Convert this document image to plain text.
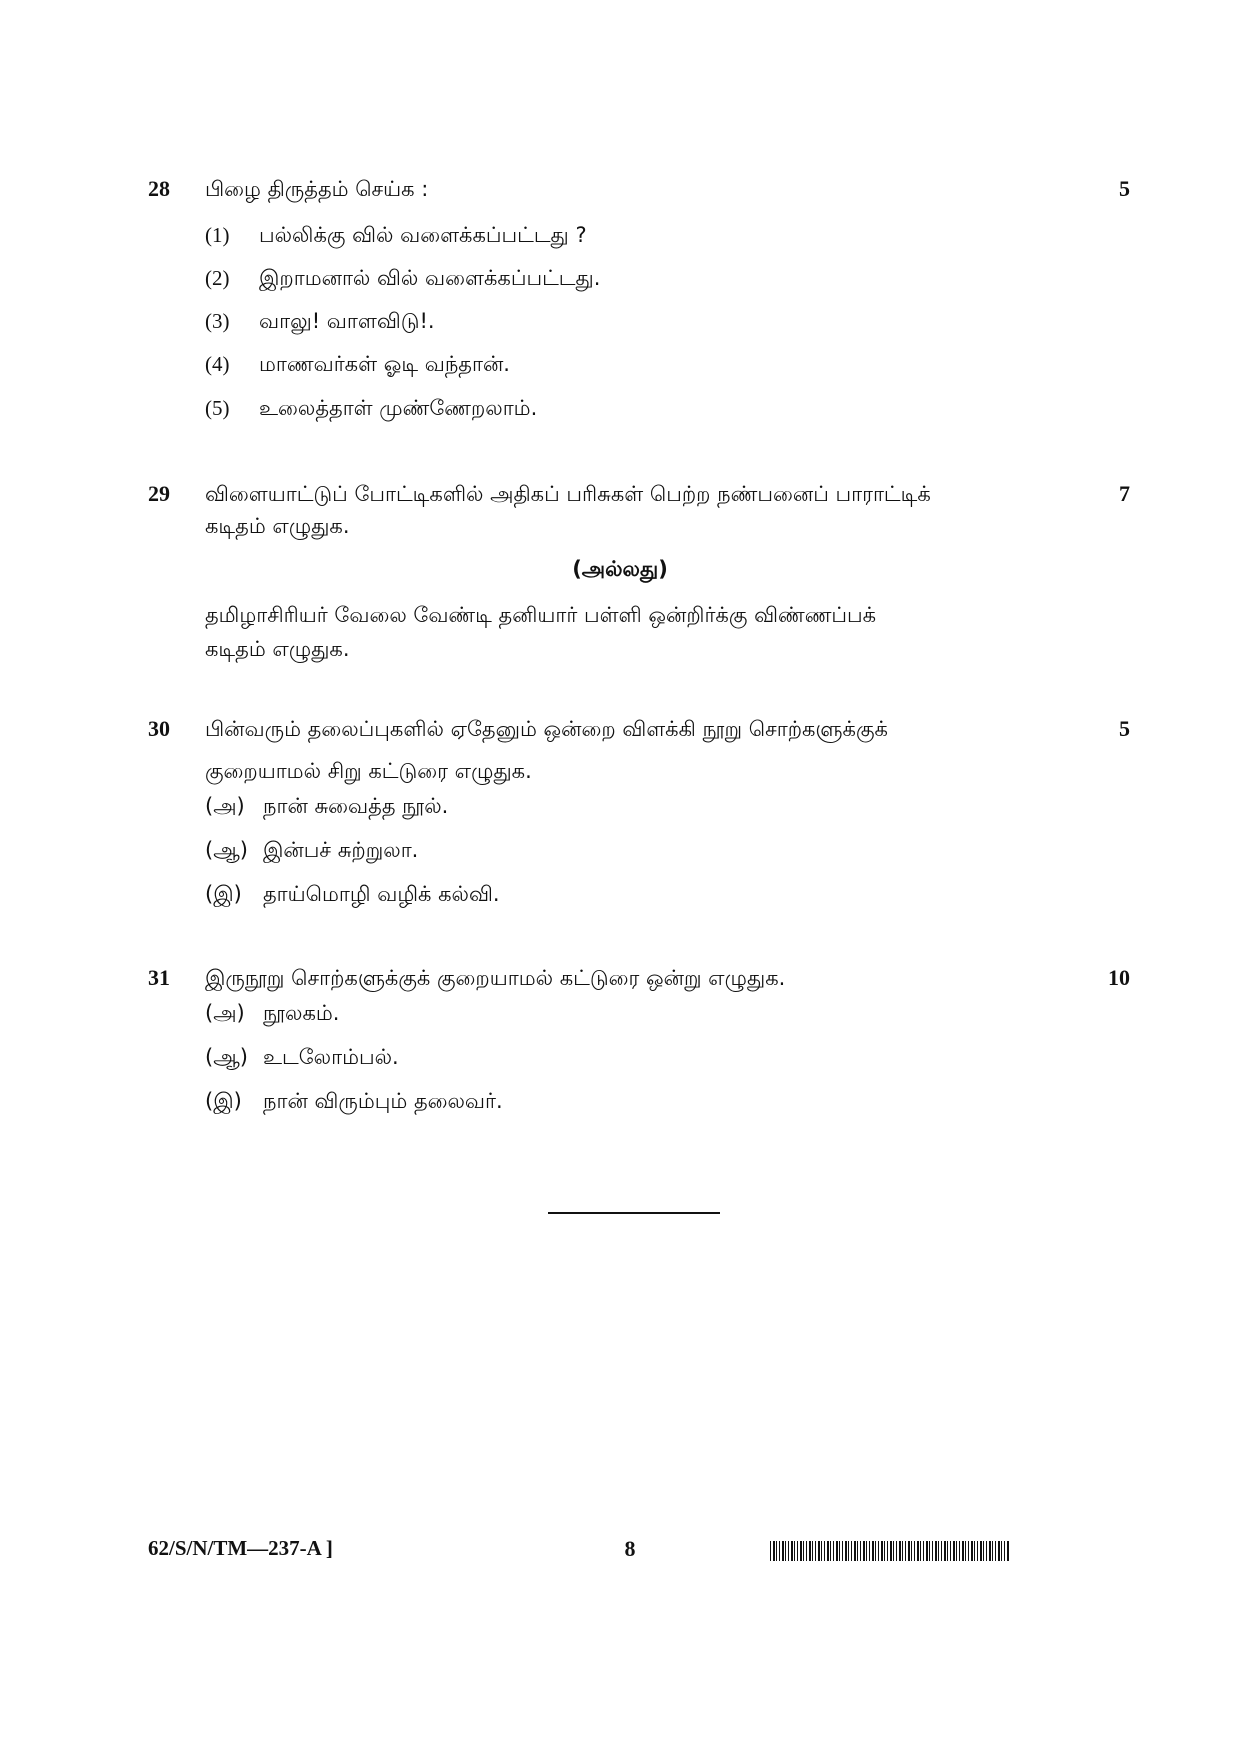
28	பிழை திருத்தம் செய்க :	5
(1) பல்லிக்கு வில் வளைக்கப்பட்டது ?
(2) இறாமனால் வில் வளைக்கப்பட்டது.
(3) வாலு! வாளவிடு!.
(4) மாணவர்கள் ஓடி வந்தான்.
(5) உலைத்தாள் முண்ணேறலாம்.
29	விளையாட்டுப் போட்டிகளில் அதிகப் பரிசுகள் பெற்ற நண்பனைப் பாராட்டிக்
கடிதம் எழுதுக.
7
(அல்லது)
தமிழாசிரியர் வேலை வேண்டி தனியார் பள்ளி ஒன்றிர்க்கு விண்ணப்பக்
கடிதம் எழுதுக.
30	பின்வரும் தலைப்புகளில் ஏதேனும் ஒன்றை விளக்கி நூறு சொற்களுக்குக்
குறையாமல் சிறு கட்டுரை எழுதுக.
5
(அ) நான் சுவைத்த நூல்.
(ஆ) இன்பச் சுற்றுலா.
(இ) தாய்மொழி வழிக் கல்வி.
31	இருநூறு சொற்களுக்குக் குறையாமல் கட்டுரை ஒன்று எழுதுக.	10
(அ) நூலகம்.
(ஆ) உடலோம்பல்.
(இ) நான் விரும்பும் தலைவர்.
62/S/N/TM—237-A ]	8
